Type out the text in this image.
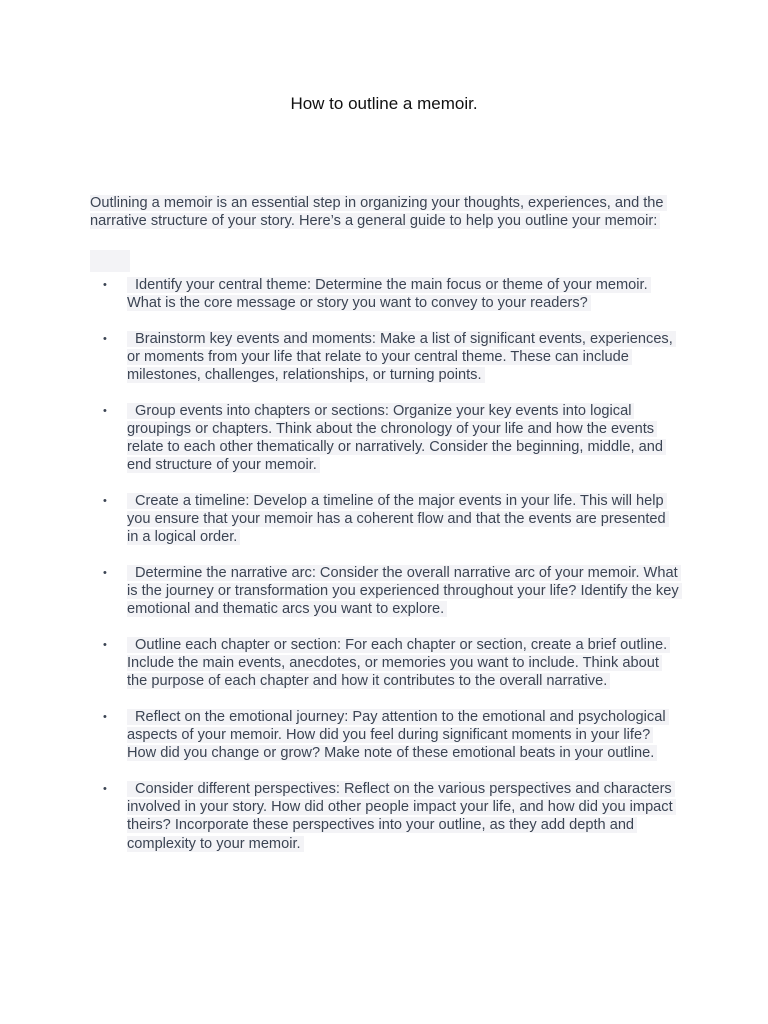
How to outline a memoir.

Outlining a memoir is an essential step in organizing your thoughts, experiences, and the narrative structure of your story. Here’s a general guide to help you outline your memoir:

• Identify your central theme: Determine the main focus or theme of your memoir. What is the core message or story you want to convey to your readers?
• Brainstorm key events and moments: Make a list of significant events, experiences, or moments from your life that relate to your central theme. These can include milestones, challenges, relationships, or turning points.
• Group events into chapters or sections: Organize your key events into logical groupings or chapters. Think about the chronology of your life and how the events relate to each other thematically or narratively. Consider the beginning, middle, and end structure of your memoir.
• Create a timeline: Develop a timeline of the major events in your life. This will help you ensure that your memoir has a coherent flow and that the events are presented in a logical order.
• Determine the narrative arc: Consider the overall narrative arc of your memoir. What is the journey or transformation you experienced throughout your life? Identify the key emotional and thematic arcs you want to explore.
• Outline each chapter or section: For each chapter or section, create a brief outline. Include the main events, anecdotes, or memories you want to include. Think about the purpose of each chapter and how it contributes to the overall narrative.
• Reflect on the emotional journey: Pay attention to the emotional and psychological aspects of your memoir. How did you feel during significant moments in your life? How did you change or grow? Make note of these emotional beats in your outline.
• Consider different perspectives: Reflect on the various perspectives and characters involved in your story. How did other people impact your life, and how did you impact theirs? Incorporate these perspectives into your outline, as they add depth and complexity to your memoir.
